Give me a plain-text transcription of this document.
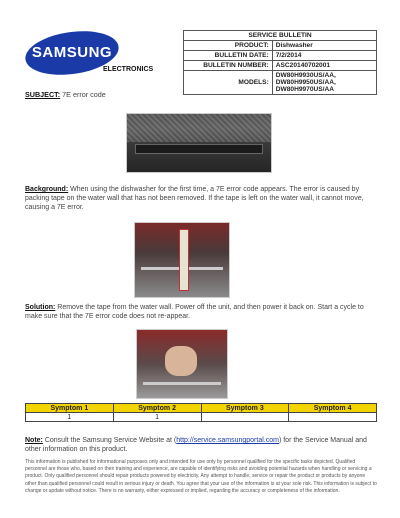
SAMSUNG
ELECTRONICS
SERVICE BULLETIN	
PRODUCT:	Dishwasher
BULLETIN DATE:	7/2/2014
BULLETIN NUMBER:	ASC20140702001
MODELS:	DW80H9930US/AA, DW80H9950US/AA, DW80H9970US/AA
SUBJECT: 7E error code
Background: When using the dishwasher for the first time, a 7E error code appears. The error is caused by packing tape on the water wall that has not been removed. If the tape is left on the water wall, it cannot move, causing a 7E error.
Solution: Remove the tape from the water wall. Power off the unit, and then power it back on. Start a cycle to make sure that the 7E error code does not re-appear.
Symptom 1	Symptom 2	Symptom 3	Symptom 4
1	1		
Note: Consult the Samsung Service Website at (http://service.samsungportal.com) for the Service Manual and other information on this product.
This information is published for informational purposes only and intended for use only by personnel qualified for the specific tasks depicted. Qualified personnel are those who, based on their training and experience, are capable of identifying risks and avoiding potential hazards when handling or servicing a product. Only qualified personnel should repair products powered by electricity. Any attempt to handle, service or repair the product or products by anyone other than qualified personnel could result in serious injury or death. You agree that your use of the information is at your sole risk. This information is subject to change or update without notice. There is no warranty, either expressed or implied, regarding the accuracy or completeness of the information.
